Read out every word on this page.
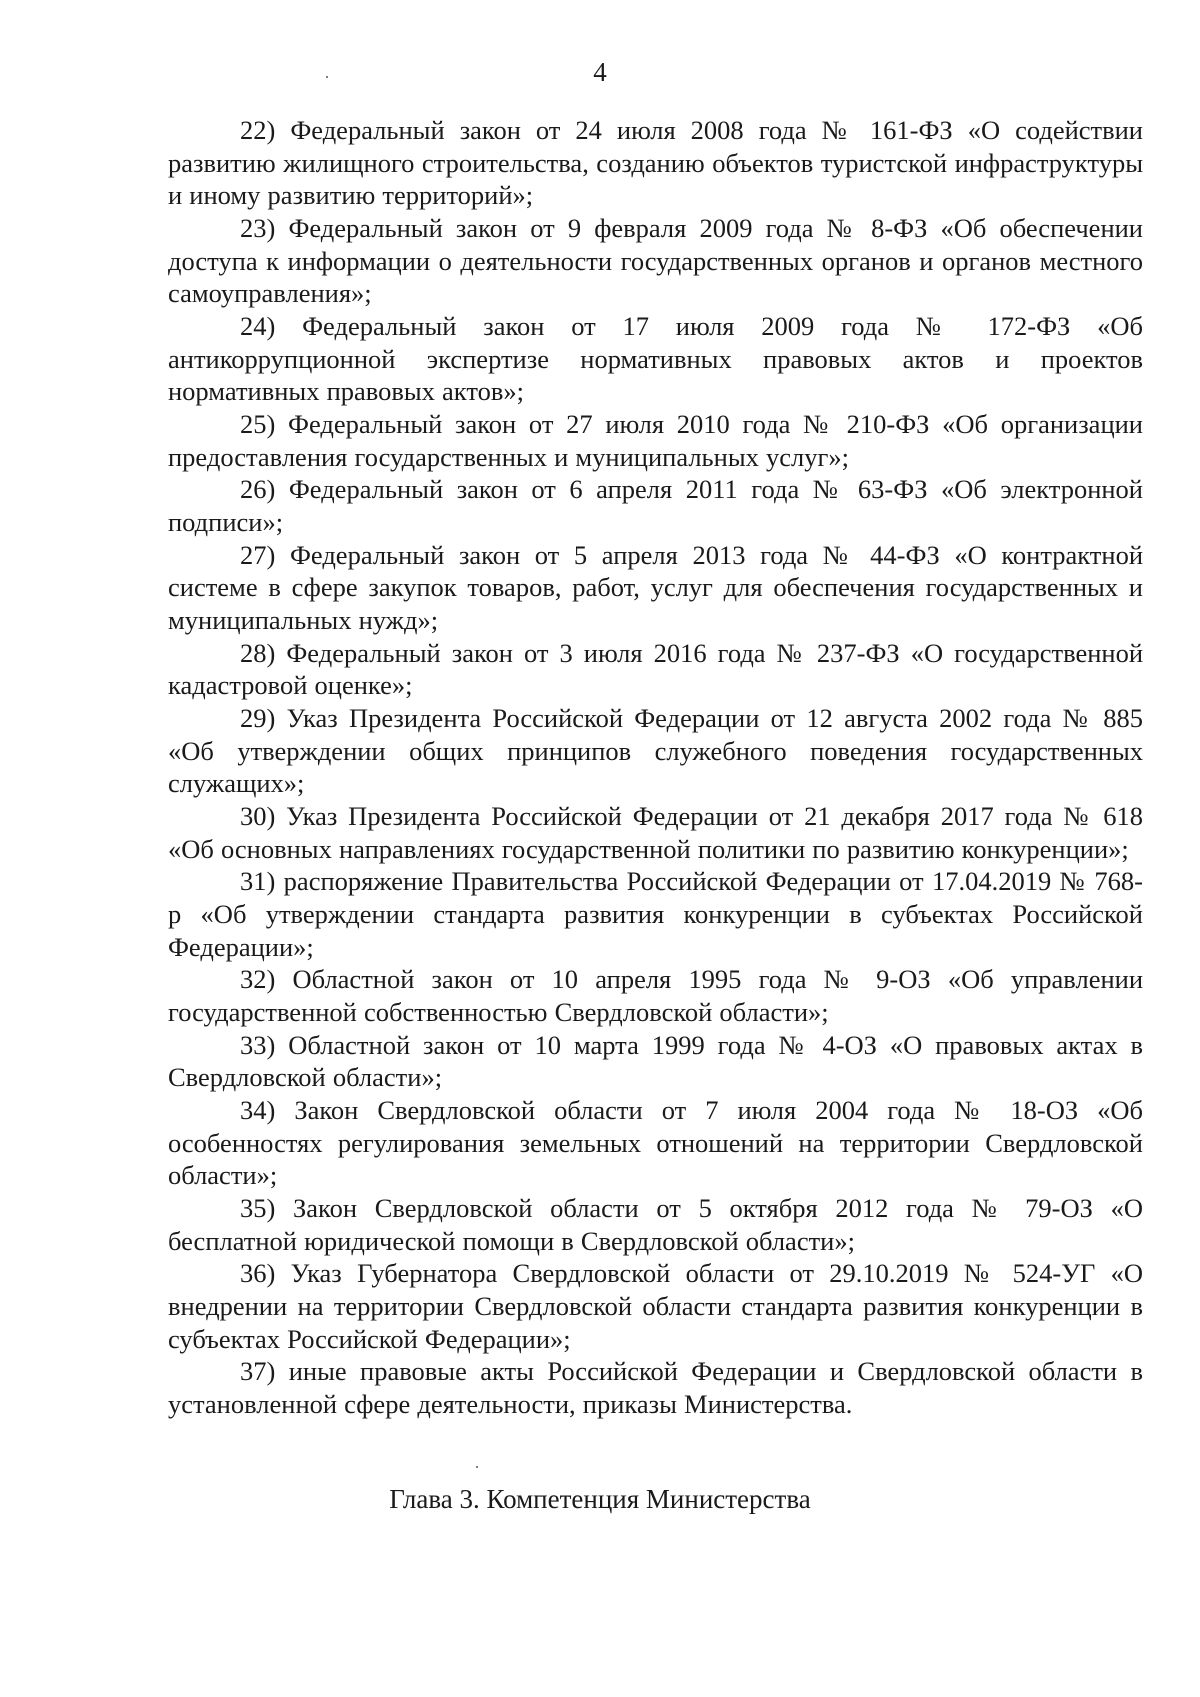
4

22) Федеральный закон от 24 июля 2008 года № 161-ФЗ «О содействии развитию жилищного строительства, созданию объектов туристской инфраструктуры и иному развитию территорий»;

23) Федеральный закон от 9 февраля 2009 года № 8-ФЗ «Об обеспечении доступа к информации о деятельности государственных органов и органов местного самоуправления»;

24) Федеральный закон от 17 июля 2009 года № 172-ФЗ «Об антикоррупционной экспертизе нормативных правовых актов и проектов нормативных правовых актов»;

25) Федеральный закон от 27 июля 2010 года № 210-ФЗ «Об организации предоставления государственных и муниципальных услуг»;

26) Федеральный закон от 6 апреля 2011 года № 63-ФЗ «Об электронной подписи»;

27) Федеральный закон от 5 апреля 2013 года № 44-ФЗ «О контрактной системе в сфере закупок товаров, работ, услуг для обеспечения государственных и муниципальных нужд»;

28) Федеральный закон от 3 июля 2016 года № 237-ФЗ «О государственной кадастровой оценке»;

29) Указ Президента Российской Федерации от 12 августа 2002 года № 885 «Об утверждении общих принципов служебного поведения государственных служащих»;

30) Указ Президента Российской Федерации от 21 декабря 2017 года № 618 «Об основных направлениях государственной политики по развитию конкуренции»;

31) распоряжение Правительства Российской Федерации от 17.04.2019 № 768-р «Об утверждении стандарта развития конкуренции в субъектах Российской Федерации»;

32) Областной закон от 10 апреля 1995 года № 9-ОЗ «Об управлении государственной собственностью Свердловской области»;

33) Областной закон от 10 марта 1999 года № 4-ОЗ «О правовых актах в Свердловской области»;

34) Закон Свердловской области от 7 июля 2004 года № 18-ОЗ «Об особенностях регулирования земельных отношений на территории Свердловской области»;

35) Закон Свердловской области от 5 октября 2012 года № 79-ОЗ «О бесплатной юридической помощи в Свердловской области»;

36) Указ Губернатора Свердловской области от 29.10.2019 № 524-УГ «О внедрении на территории Свердловской области стандарта развития конкуренции в субъектах Российской Федерации»;

37) иные правовые акты Российской Федерации и Свердловской области в установленной сфере деятельности, приказы Министерства.

Глава 3. Компетенция Министерства
